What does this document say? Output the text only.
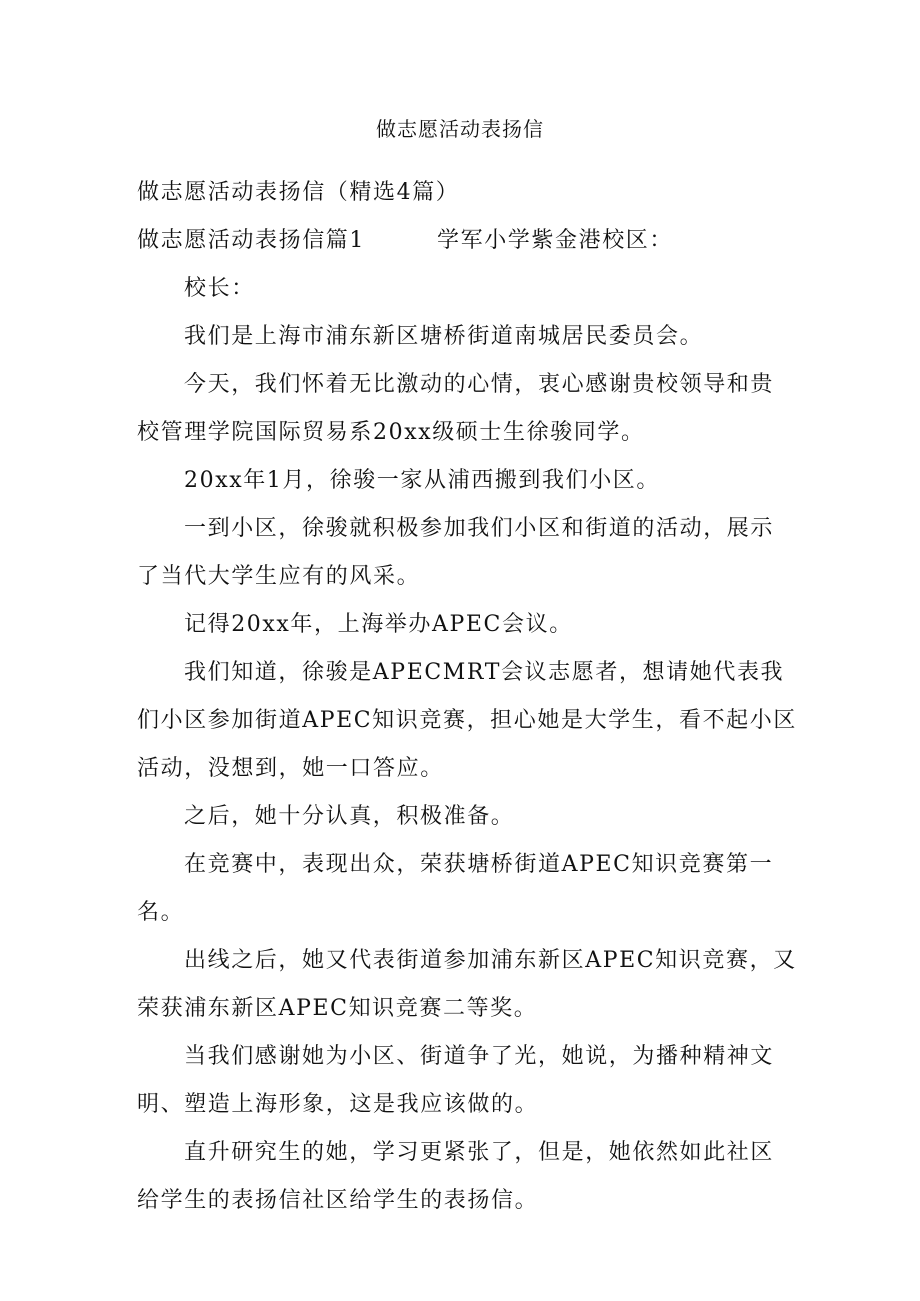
做志愿活动表扬信

做志愿活动表扬信（精选4篇）

做志愿活动表扬信篇1	学军小学紫金港校区：

校长：

我们是上海市浦东新区塘桥街道南城居民委员会。

今天，我们怀着无比激动的心情，衷心感谢贵校领导和贵校管理学院国际贸易系20xx级硕士生徐骏同学。

20xx年1月，徐骏一家从浦西搬到我们小区。

一到小区，徐骏就积极参加我们小区和街道的活动，展示了当代大学生应有的风采。

记得20xx年，上海举办APEC会议。

我们知道，徐骏是APECMRT会议志愿者，想请她代表我们小区参加街道APEC知识竞赛，担心她是大学生，看不起小区活动，没想到，她一口答应。

之后，她十分认真，积极准备。

在竞赛中，表现出众，荣获塘桥街道APEC知识竞赛第一名。

出线之后，她又代表街道参加浦东新区APEC知识竞赛，又荣获浦东新区APEC知识竞赛二等奖。

当我们感谢她为小区、街道争了光，她说，为播种精神文明、塑造上海形象，这是我应该做的。

直升研究生的她，学习更紧张了，但是，她依然如此社区给学生的表扬信社区给学生的表扬信。
